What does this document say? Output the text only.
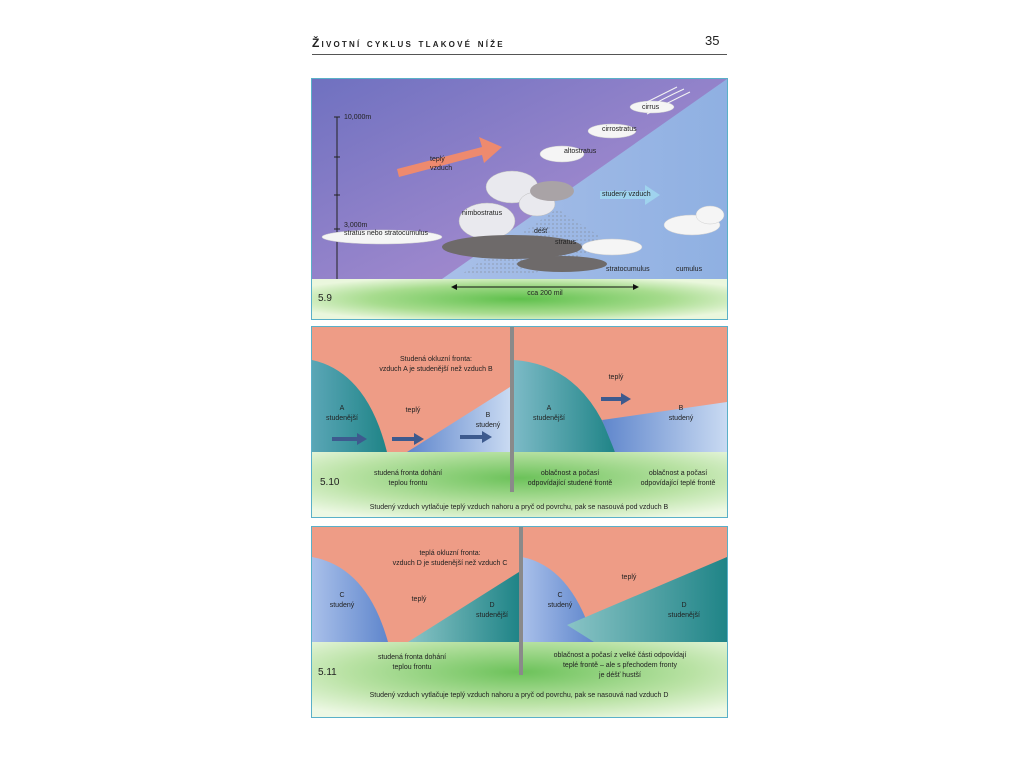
Životní cyklus tlakové níže	35
10,000m
3,000m
stratus nebo stratocumulus
teplý
vzduch
studený vzduch
cirrus
cirrostratus
altostratus
nimbostratus
déšť
stratus
stratocumulus	cumulus
cca 200 mil
5.9
Studená okluzní fronta:
vzduch A je studenější než vzduch B
A
studenější
teplý
B
studený
studená fronta dohání
teplou frontu
A
studenější
teplý
B
studený
oblačnost a počasí
odpovídající studené frontě
oblačnost a počasí
odpovídající teplé frontě
5.10
Studený vzduch vytlačuje teplý vzduch nahoru a pryč od povrchu, pak se nasouvá pod vzduch B
teplá okluzní fronta:
vzduch D je studenější než vzduch C
C
studený
teplý
D
studenější
studená fronta dohání
teplou frontu
C
studený
teplý
D
studenější
oblačnost a počasí z velké části odpovídají
teplé frontě – ale s přechodem fronty
je déšť hustší
5.11
Studený vzduch vytlačuje teplý vzduch nahoru a pryč od povrchu, pak se nasouvá nad vzduch D
